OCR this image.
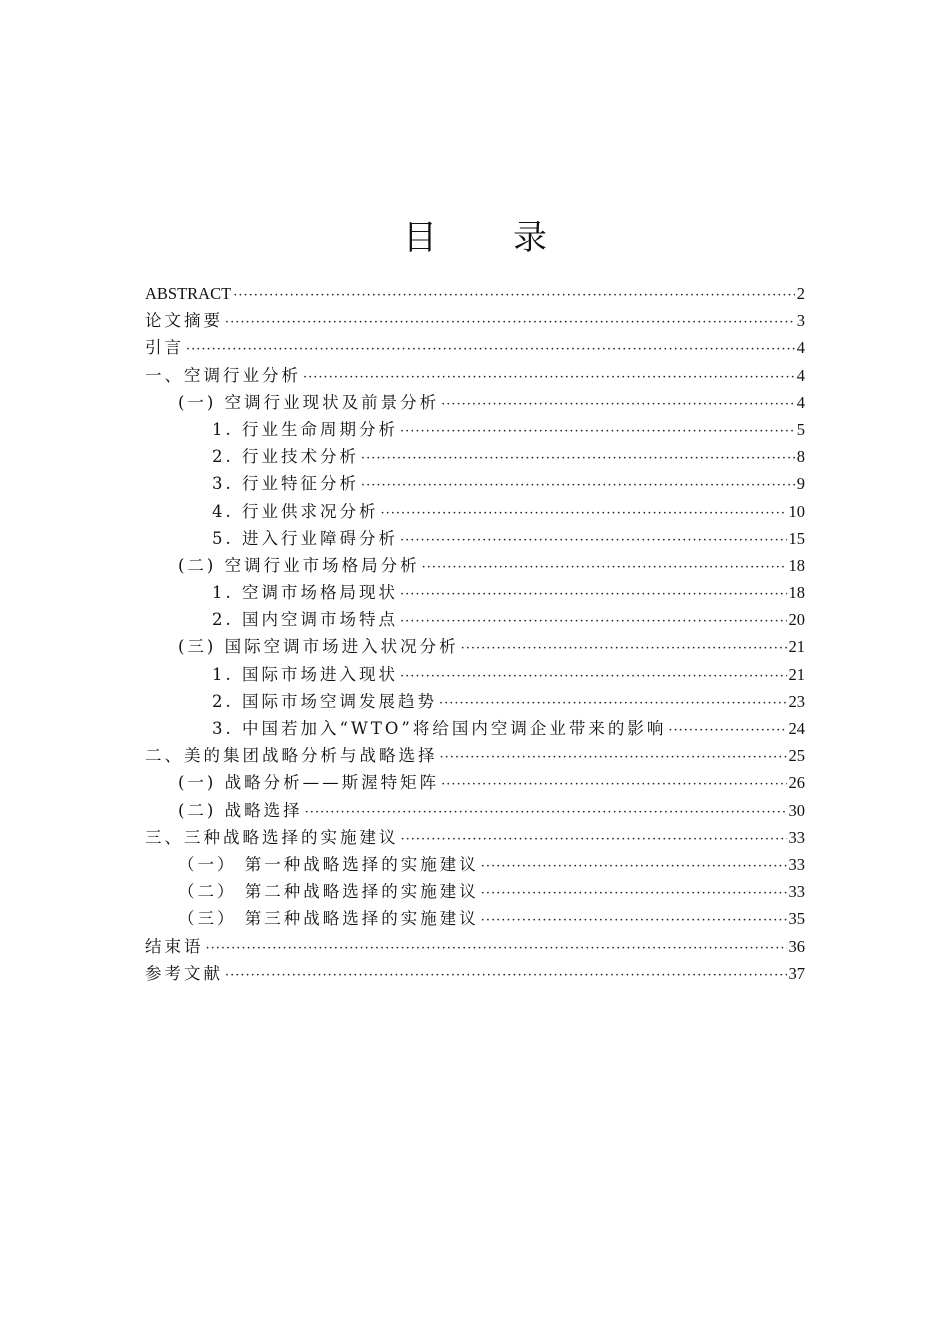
目 录
ABSTRACT ·····	2
论文摘要 ·····	3
引言 ·····	4
一、空调行业分析 ·····	4
(一) 空调行业现状及前景分析 ·····	4
1. 行业生命周期分析 ·····	5
2. 行业技术分析 ·····	8
3. 行业特征分析 ·····	9
4. 行业供求况分析 ·····	10
5. 进入行业障碍分析 ·····	15
(二) 空调行业市场格局分析 ·····	18
1. 空调市场格局现状 ·····	18
2. 国内空调市场特点 ·····	20
(三) 国际空调市场进入状况分析 ·····	21
1. 国际市场进入现状 ·····	21
2. 国际市场空调发展趋势 ·····	23
3. 中国若加入“WTO”将给国内空调企业带来的影响 ·····	24
二、美的集团战略分析与战略选择 ·····	25
(一) 战略分析——斯渥特矩阵 ·····	26
(二) 战略选择 ·····	30
三、三种战略选择的实施建议 ·····	33
（一） 第一种战略选择的实施建议 ·····	33
（二） 第二种战略选择的实施建议 ·····	33
（三） 第三种战略选择的实施建议 ·····	35
结束语 ·····	36
参考文献 ·····	37
